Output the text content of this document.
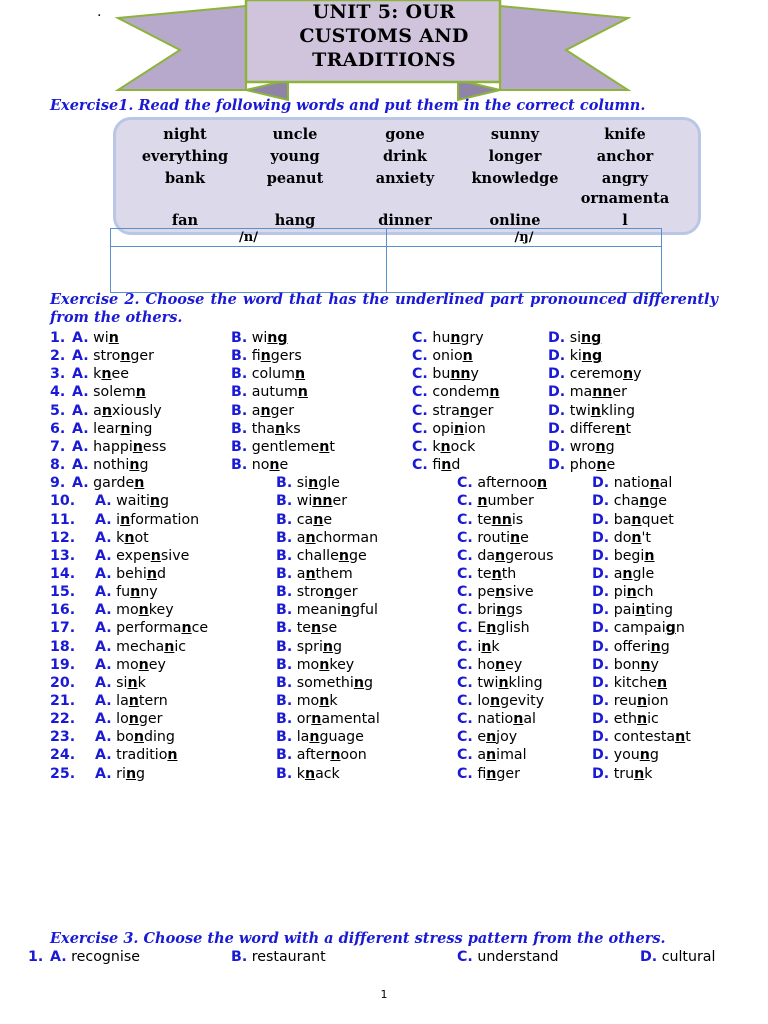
.	UNIT 5: OUR
CUSTOMS AND
TRADITIONS
Exercise1. Read the following words and put them in the correct column.
night	uncle	gone	sunny	knife
everything	young	drink	longer	anchor
bank	peanut	anxiety	knowledge	angry
ornamenta
fan	hang	dinner	online	l
/n/	/ŋ/
Exercise 2. Choose the word that has the underlined part pronounced differently from the others.
1. A. win	B. wing	C. hungry	D. sing
2. A. stronger	B. fingers	C. onion	D. king
3. A. knee	B. column	C. bunny	D. ceremony
4. A. solemn	B. autumn	C. condemn	D. manner
5. A. anxiously	B. anger	C. stranger	D. twinkling
6. A. learning	B. thanks	C. opinion	D. different
7. A. happiness	B. gentlement	C. knock	D. wrong
8. A. nothing	B. none	C. find	D. phone
9. A. garden	B. single	C. afternoon	D. national
10. A. waiting	B. winner	C. number	D. change
11. A. information	B. cane	C. tennis	D. banquet
12. A. knot	B. anchorman	C. routine	D. don't
13. A. expensive	B. challenge	C. dangerous	D. begin
14. A. behind	B. anthem	C. tenth	D. angle
15. A. funny	B. stronger	C. pensive	D. pinch
16. A. monkey	B. meaningful	C. brings	D. painting
17. A. performance	B. tense	C. English	D. campaign
18. A. mechanic	B. spring	C. ink	D. offering
19. A. money	B. monkey	C. honey	D. bonny
20. A. sink	B. something	C. twinkling	D. kitchen
21. A. lantern	B. monk	C. longevity	D. reunion
22. A. longer	B. ornamental	C. national	D. ethnic
23. A. bonding	B. language	C. enjoy	D. contestant
24. A. tradition	B. afternoon	C. animal	D. young
25. A. ring	B. knack	C. finger	D. trunk
Exercise 3. Choose the word with a different stress pattern from the others.
1. A. recognise	B. restaurant	C. understand	D. cultural
1
